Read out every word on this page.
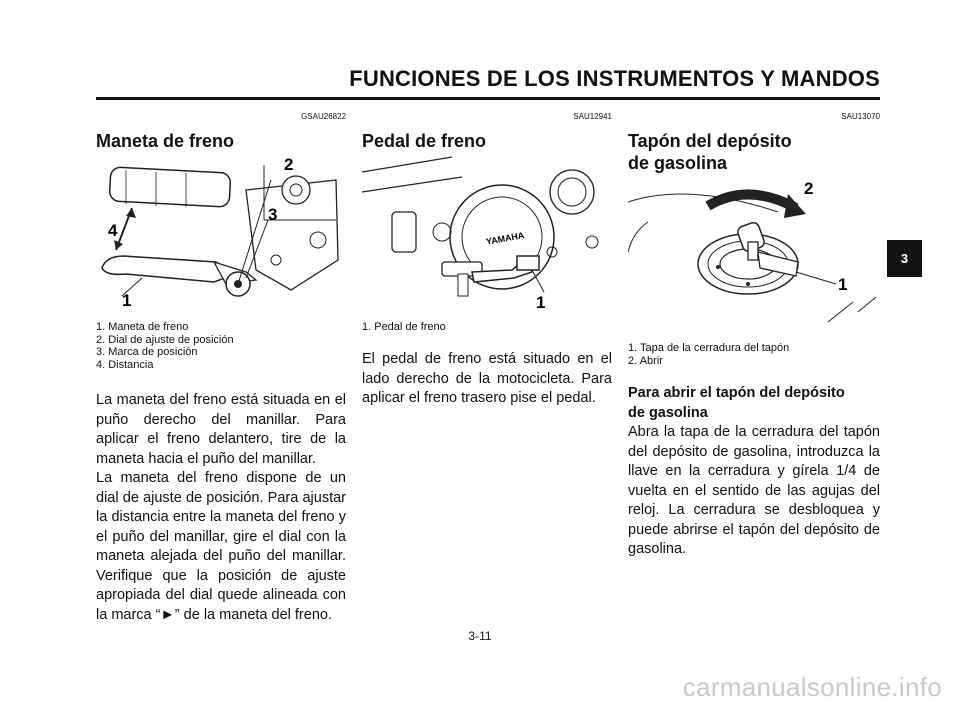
FUNCIONES DE LOS INSTRUMENTOS Y MANDOS
GSAU26822
Maneta de freno
2
3
4
1
1. Maneta de freno
2. Dial de ajuste de posición
3. Marca de posición
4. Distancia

La maneta del freno está situada en el puño derecho del manillar. Para aplicar el freno delantero, tire de la maneta hacia el puño del manillar.

La maneta del freno dispone de un dial de ajuste de posición. Para ajustar la distancia entre la maneta del freno y el puño del manillar, gire el dial con la maneta alejada del puño del manillar. Verifique que la posición de ajuste apropiada del dial quede alineada con la marca “►” de la maneta del freno.

SAU12941
Pedal de freno
YAMAHA
1
1. Pedal de freno

El pedal de freno está situado en el lado derecho de la motocicleta. Para aplicar el freno trasero pise el pedal.

SAU13070
Tapón del depósito
de gasolina
2
1
1. Tapa de la cerradura del tapón
2. Abrir

Para abrir el tapón del depósito

de gasolina

Abra la tapa de la cerradura del tapón del depósito de gasolina, introduzca la llave en la cerradura y gírela 1/4 de vuelta en el sentido de las agujas del reloj. La cerradura se desbloquea y puede abrirse el tapón del depósito de gasolina.

3
3-11
carmanualsonline.info
